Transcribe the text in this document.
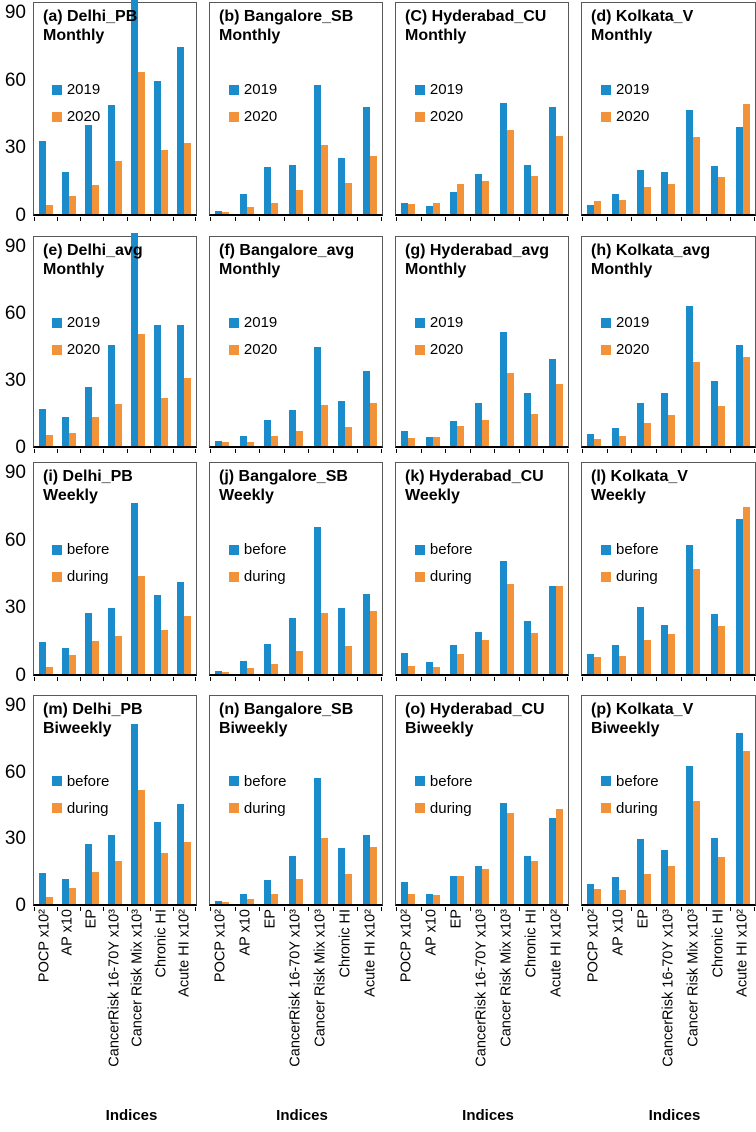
90
60
30
0
(a) Delhi_PB
Monthly
2019
2020
(b) Bangalore_SB
Monthly
2019
2020
(C) Hyderabad_CU
Monthly
2019
2020
(d) Kolkata_V
Monthly
2019
2020
90
60
30
0
(e) Delhi_avg
Monthly
2019
2020
(f) Bangalore_avg
Monthly
2019
2020
(g) Hyderabad_avg
Monthly
2019
2020
(h) Kolkata_avg
Monthly
2019
2020
90
60
30
0
(i) Delhi_PB
Weekly
before
during
(j) Bangalore_SB
Weekly
before
during
(k) Hyderabad_CU
Weekly
before
during
(l) Kolkata_V
Weekly
before
during
90
60
30
0
(m) Delhi_PB
Biweekly
before
during
(n) Bangalore_SB
Biweekly
before
during
(o) Hyderabad_CU
Biweekly
before
during
(p) Kolkata_V
Biweekly
before
during
POCP x10² AP x10 EP CancerRisk 16-70Y x10³ Cancer Risk Mix x10³ Chronic HI Acute HI x10²
Indices
POCP x10² AP x10 EP CancerRisk 16-70Y x10³ Cancer Risk Mix x10³ Chronic HI Acute HI x10²
Indices
POCP x10² AP x10 EP CancerRisk 16-70Y x10³ Cancer Risk Mix x10³ Chronic HI Acute HI x10²
Indices
POCP x10² AP x10 EP CancerRisk 16-70Y x10³ Cancer Risk Mix x10³ Chronic HI Acute HI x10²
Indices
